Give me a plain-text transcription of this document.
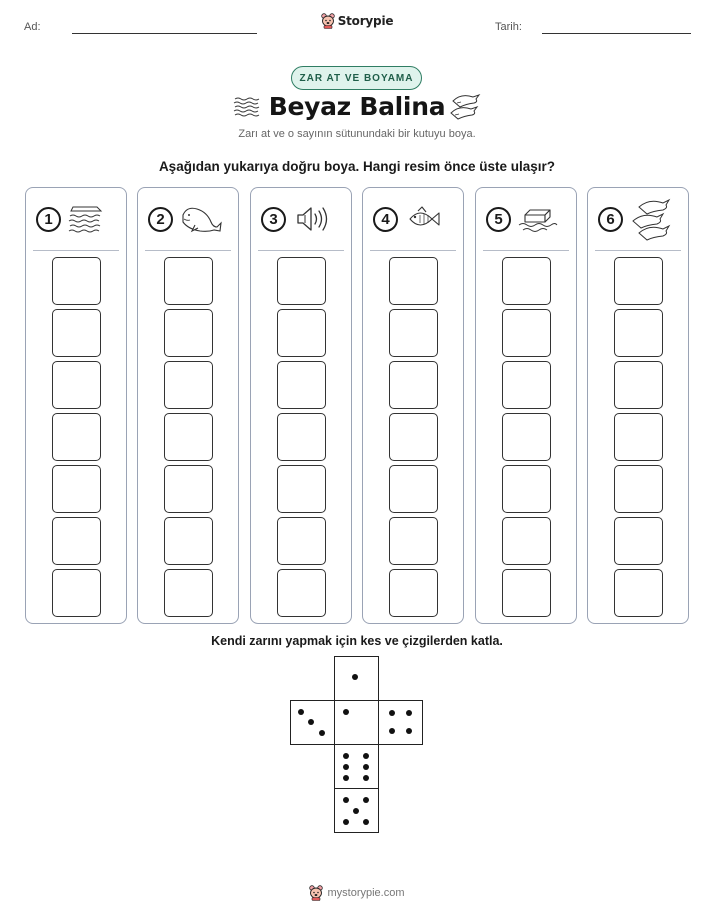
Ad:	Storypie	Tarih:
ZAR AT VE BOYAMA
Beyaz Balina
Zarı at ve o sayının sütunundaki bir kutuyu boya.
Aşağıdan yukarıya doğru boya. Hangi resim önce üste ulaşır?
1	2	3	4	5	6
Kendi zarını yapmak için kes ve çizgilerden katla.
mystorypie.com
